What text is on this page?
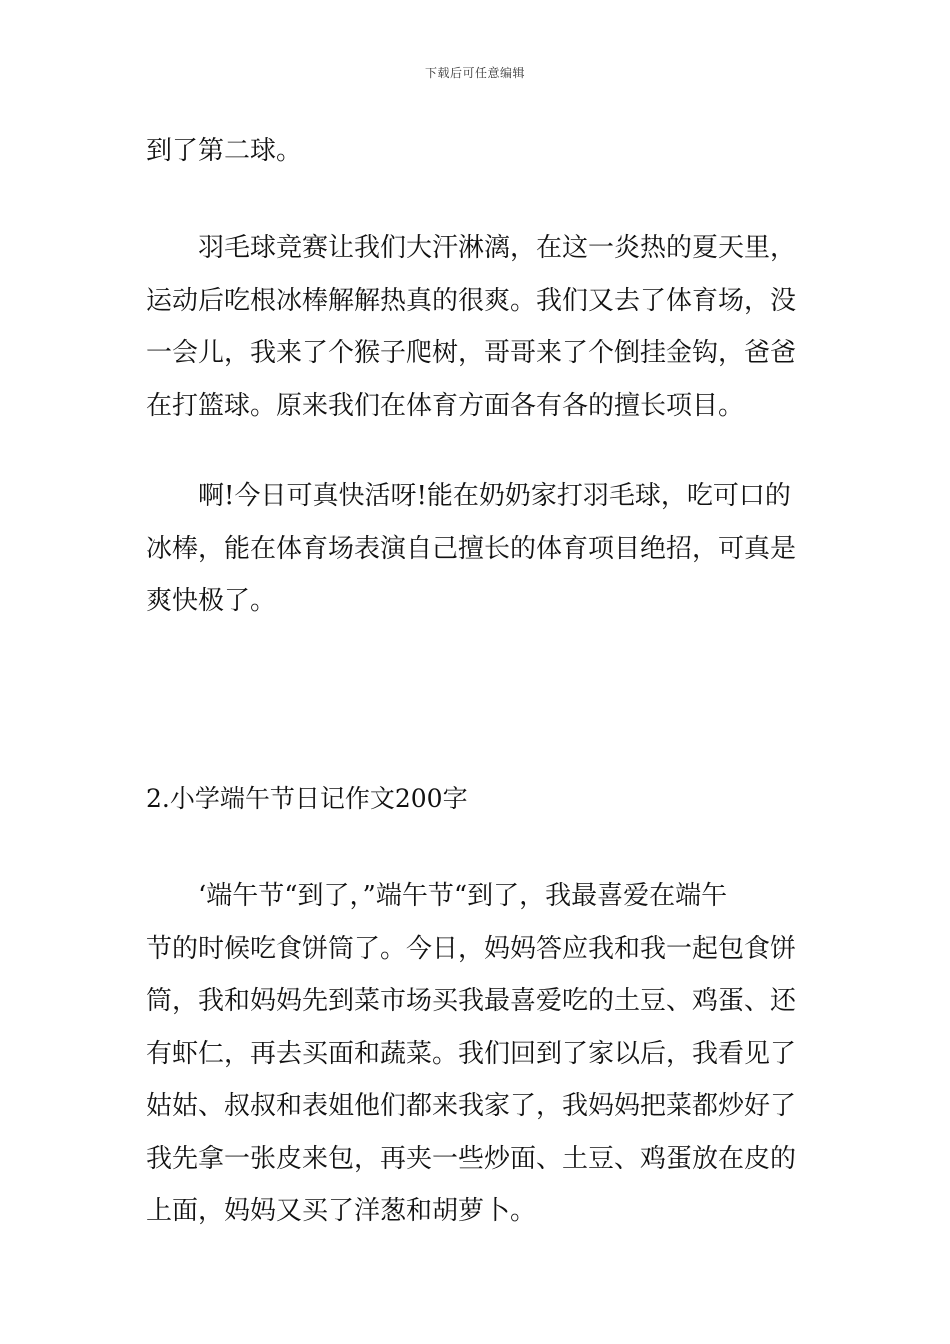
下载后可任意编辑
到了第二球。
羽毛球竞赛让我们大汗淋漓，在这一炎热的夏天里，
运动后吃根冰棒解解热真的很爽。我们又去了体育场，没
一会儿，我来了个猴子爬树，哥哥来了个倒挂金钩，爸爸
在打篮球。原来我们在体育方面各有各的擅长项目。
啊!今日可真快活呀!能在奶奶家打羽毛球，吃可口的
冰棒，能在体育场表演自己擅长的体育项目绝招，可真是
爽快极了。
2.小学端午节日记作文200字
‘端午节“到了，”端午节“到了，我最喜爱在端午
节的时候吃食饼筒了。今日，妈妈答应我和我一起包食饼
筒，我和妈妈先到菜市场买我最喜爱吃的土豆、鸡蛋、还
有虾仁，再去买面和蔬菜。我们回到了家以后，我看见了
姑姑、叔叔和表姐他们都来我家了，我妈妈把菜都炒好了
我先拿一张皮来包，再夹一些炒面、土豆、鸡蛋放在皮的
上面，妈妈又买了洋葱和胡萝卜。
